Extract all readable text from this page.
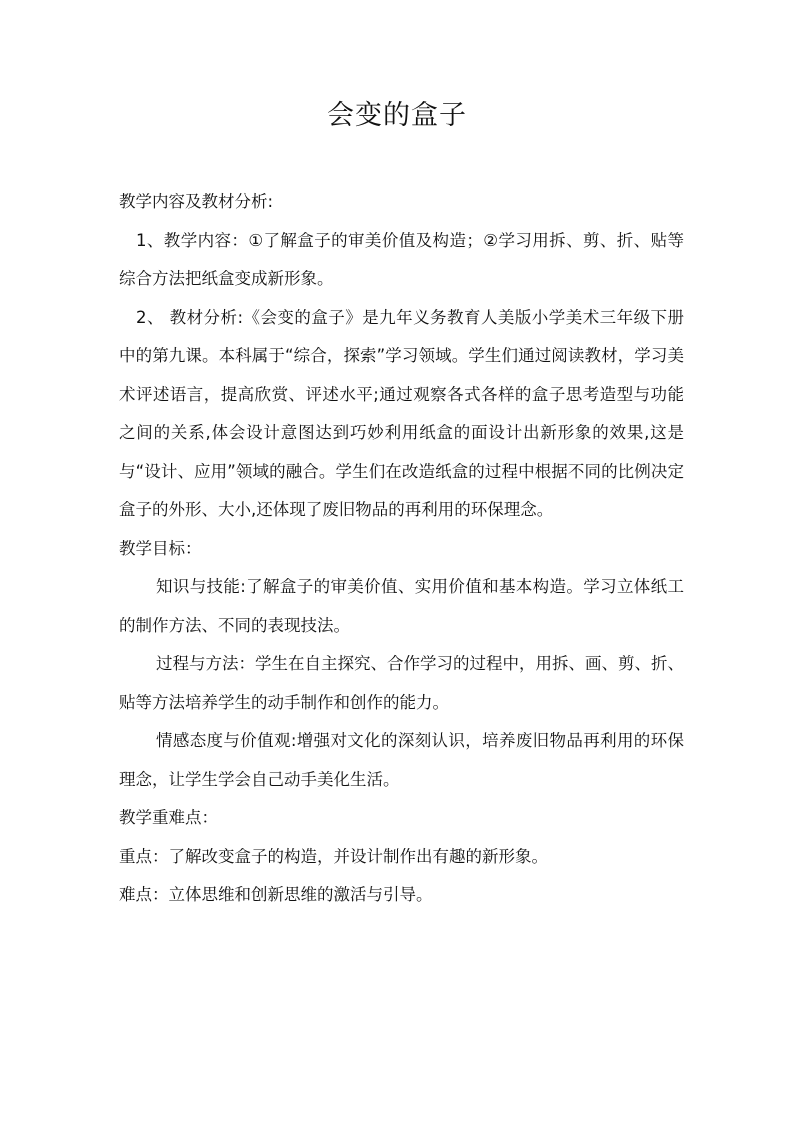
会变的盒子

教学内容及教材分析:

1、教学内容：①了解盒子的审美价值及构造；②学习用拆、剪、折、贴等综合方法把纸盒变成新形象。

2、 教材分析:《会变的盒子》是九年义务教育人美版小学美术三年级下册中的第九课。本科属于“综合，探索”学习领域。学生们通过阅读教材，学习美术评述语言，提高欣赏、评述水平;通过观察各式各样的盒子思考造型与功能之间的关系,体会设计意图达到巧妙利用纸盒的面设计出新形象的效果,这是与“设计、应用”领域的融合。学生们在改造纸盒的过程中根据不同的比例决定盒子的外形、大小,还体现了废旧物品的再利用的环保理念。

教学目标：

知识与技能:了解盒子的审美价值、实用价值和基本构造。学习立体纸工的制作方法、不同的表现技法。

过程与方法：学生在自主探究、合作学习的过程中，用拆、画、剪、折、贴等方法培养学生的动手制作和创作的能力。

情感态度与价值观:增强对文化的深刻认识，培养废旧物品再利用的环保理念，让学生学会自己动手美化生活。

教学重难点：

重点：了解改变盒子的构造，并设计制作出有趣的新形象。

难点：立体思维和创新思维的激活与引导。
